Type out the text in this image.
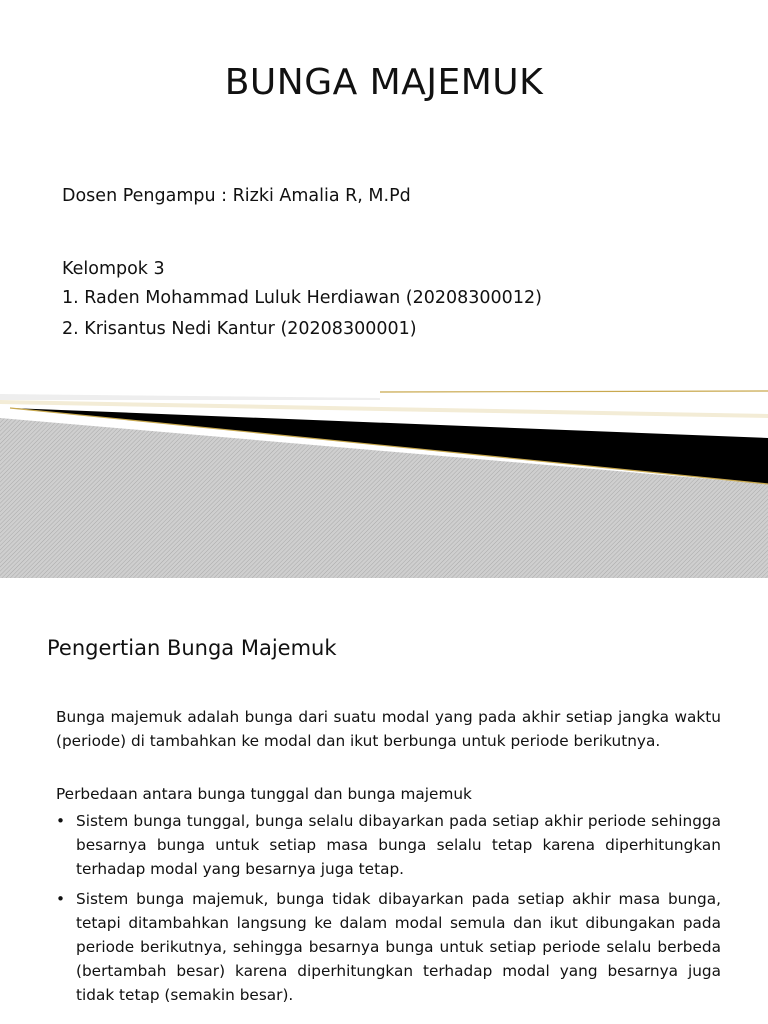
BUNGA MAJEMUK
Dosen Pengampu : Rizki Amalia R, M.Pd
Kelompok 3
1. Raden Mohammad Luluk Herdiawan (20208300012)
2. Krisantus Nedi Kantur (20208300001)
Pengertian Bunga Majemuk
Bunga majemuk adalah bunga dari suatu modal yang pada akhir setiap jangka waktu (periode) di tambahkan ke modal dan ikut berbunga untuk periode berikutnya.
Perbedaan antara bunga tunggal dan bunga majemuk
• Sistem bunga tunggal, bunga selalu dibayarkan pada setiap akhir periode sehingga besarnya bunga untuk setiap masa bunga selalu tetap karena diperhitungkan terhadap modal yang besarnya juga tetap.
• Sistem bunga majemuk, bunga tidak dibayarkan pada setiap akhir masa bunga, tetapi ditambahkan langsung ke dalam modal semula dan ikut dibungakan pada periode berikutnya, sehingga besarnya bunga untuk setiap periode selalu berbeda (bertambah besar) karena diperhitungkan terhadap modal yang besarnya juga tidak tetap (semakin besar).
